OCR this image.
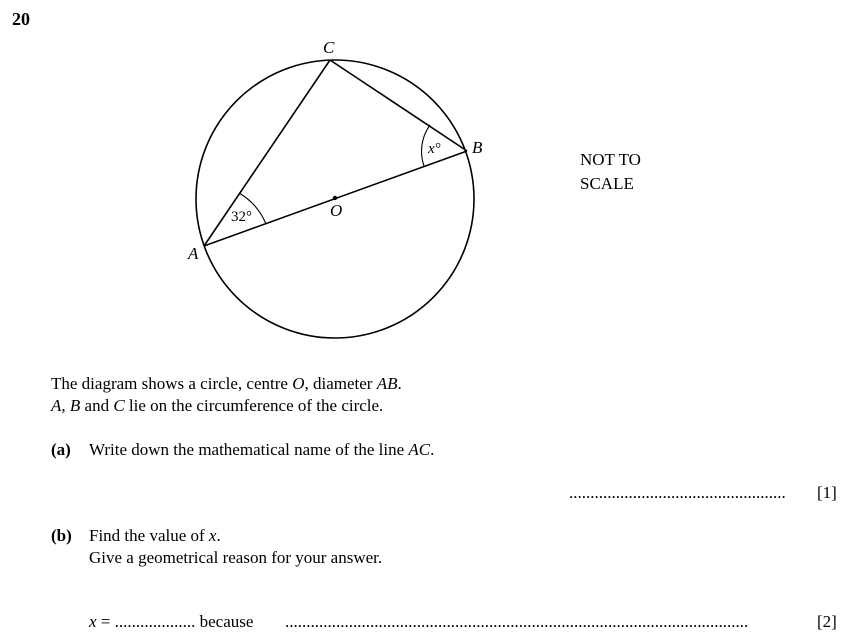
20
C
B
A
O
32°
x°
NOT TO
SCALE
The diagram shows a circle, centre O, diameter AB.
A, B and C lie on the circumference of the circle.
(a) Write down the mathematical name of the line AC.
................................................... [1]
(b) Find the value of x.
Give a geometrical reason for your answer.
x = ................... because .............................................................................................................	[2]
